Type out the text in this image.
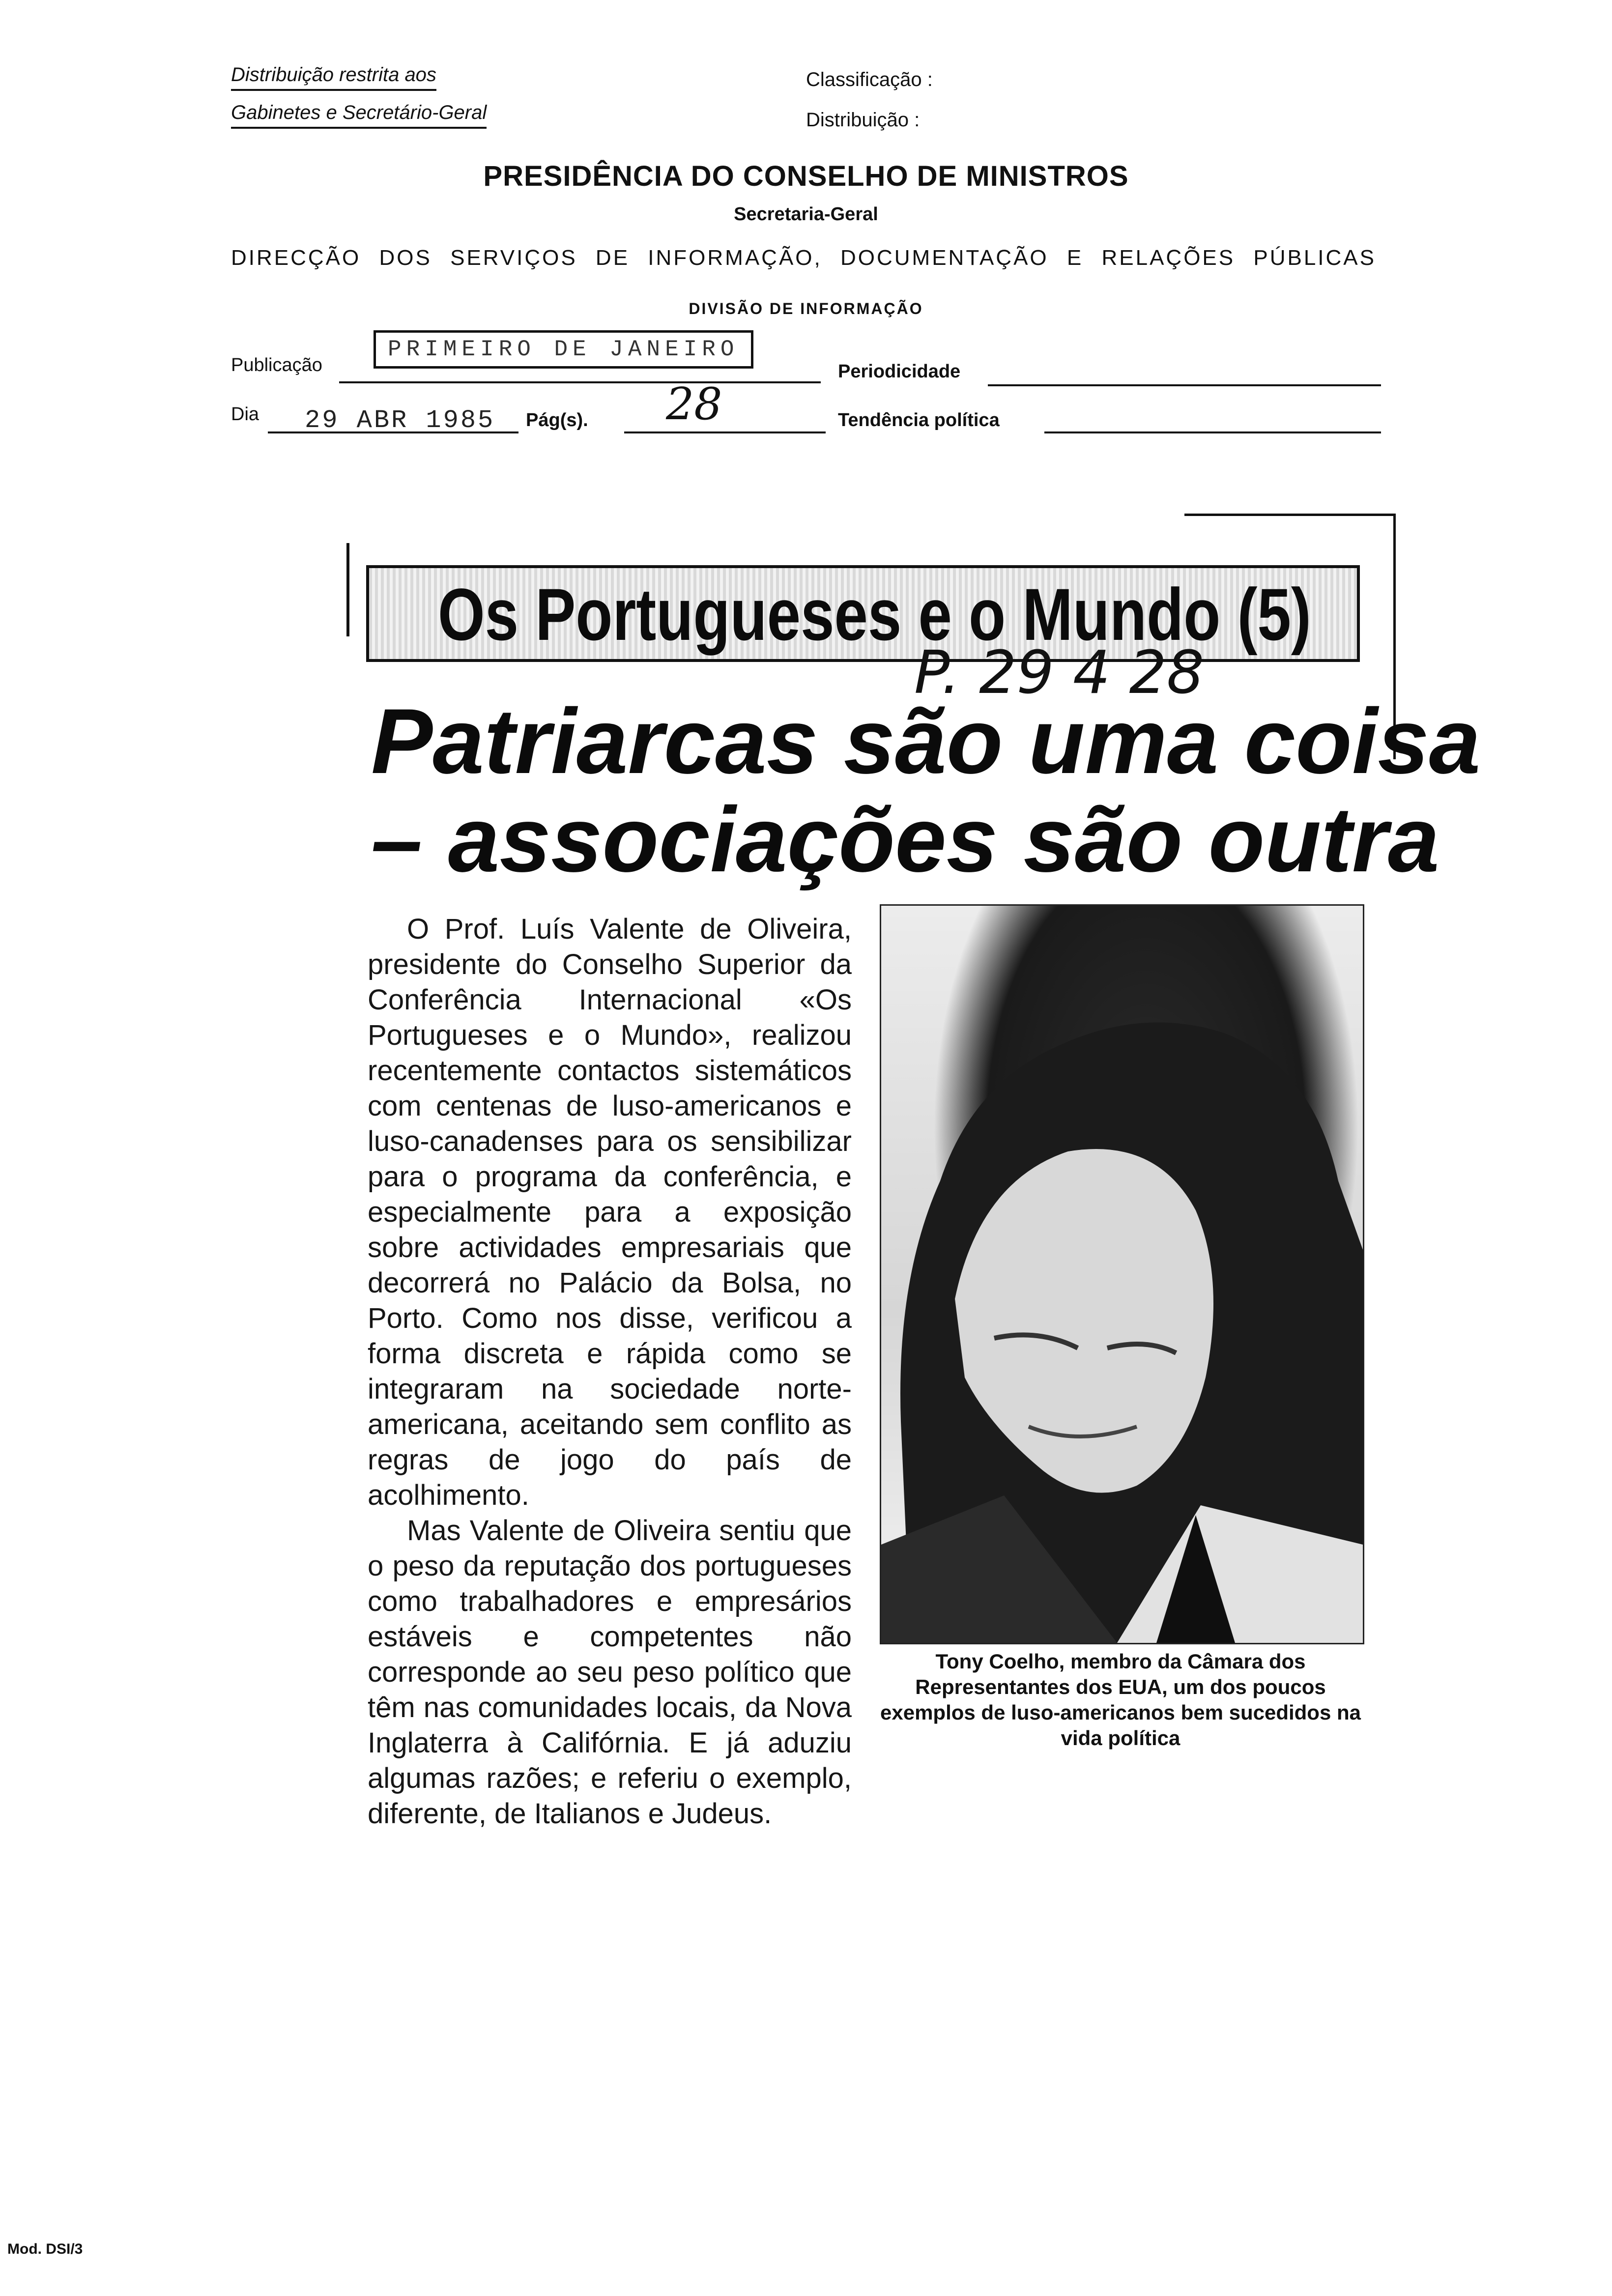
Distribuição restrita aos
Gabinetes e Secretário-Geral
Classificação :
Distribuição :
PRESIDÊNCIA DO CONSELHO DE MINISTROS
Secretaria-Geral
DIRECÇÃO DOS SERVIÇOS DE INFORMAÇÃO, DOCUMENTAÇÃO E RELAÇÕES PÚBLICAS
DIVISÃO DE INFORMAÇÃO
Publicação
PRIMEIRO DE JANEIRO
Periodicidade
Dia 29 ABR 1985 Pág(s). 28	Tendência política
Os Portugueses e o Mundo (5)
P. 29 4 28
Patriarcas são uma coisa
– associações são outra

O Prof. Luís Valente de Oliveira, presidente do Conselho Superior da Conferência Internacional «Os Portugueses e o Mundo», realizou recentemente contactos sistemáticos com centenas de luso-americanos e luso-canadenses para os sensibilizar para o programa da conferência, e especialmente para a exposição sobre actividades empresariais que decorrerá no Palácio da Bolsa, no Porto. Como nos disse, verificou a forma discreta e rápida como se integraram na sociedade norte-americana, aceitando sem conflito as regras de jogo do país de acolhimento.

Mas Valente de Oliveira sentiu que o peso da reputação dos portugueses como trabalhadores e empresários estáveis e competentes não corresponde ao seu peso político que têm nas comunidades locais, da Nova Inglaterra à Califórnia. E já aduziu algumas razões; e referiu o exemplo, diferente, de Italianos e Judeus.

Tony Coelho, membro da Câmara dos Representantes dos EUA, um dos poucos exemplos de luso-americanos bem sucedidos na vida política
Mod. DSI/3
